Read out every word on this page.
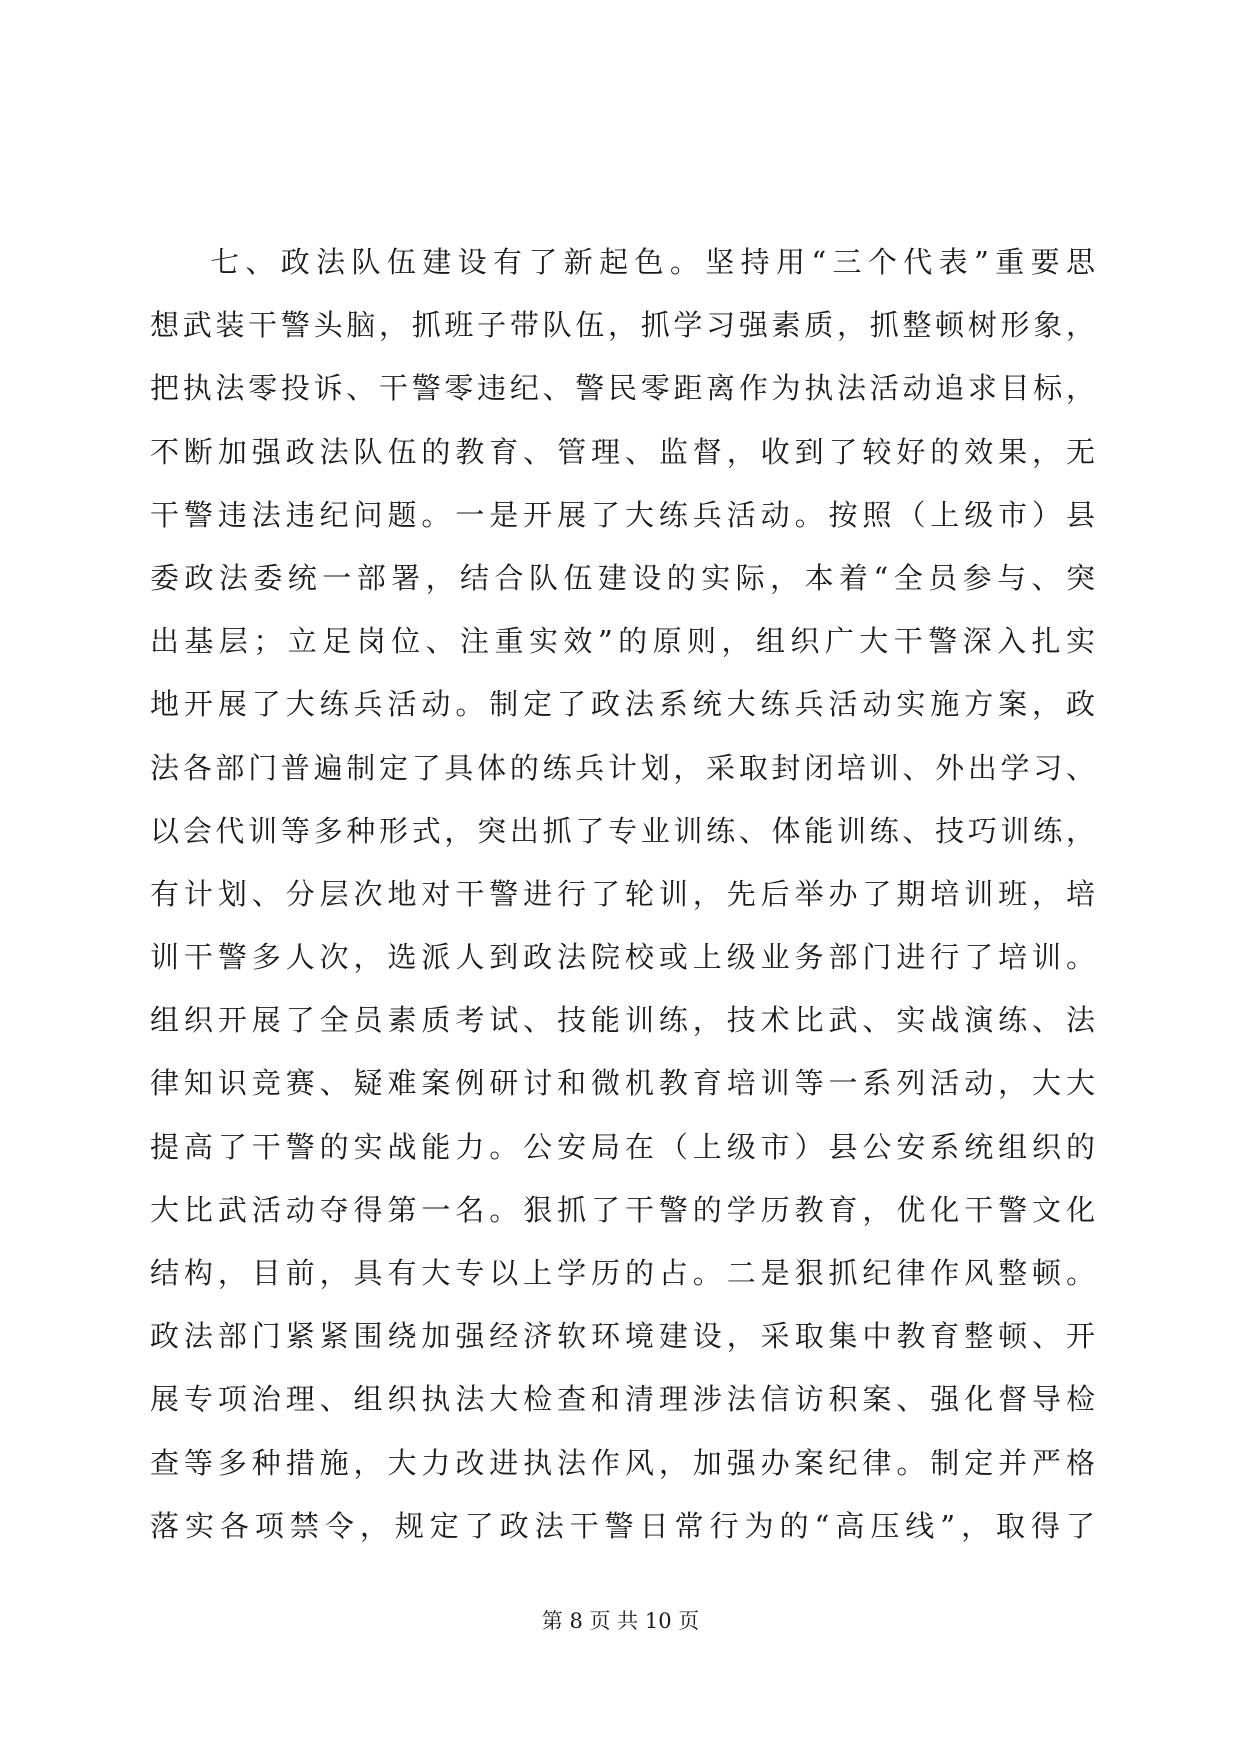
七、政法队伍建设有了新起色。坚持用“三个代表”重要思
想武装干警头脑，抓班子带队伍，抓学习强素质，抓整顿树形象，
把执法零投诉、干警零违纪、警民零距离作为执法活动追求目标，
不断加强政法队伍的教育、管理、监督，收到了较好的效果，无
干警违法违纪问题。一是开展了大练兵活动。按照（上级市）县
委政法委统一部署，结合队伍建设的实际，本着“全员参与、突
出基层；立足岗位、注重实效”的原则，组织广大干警深入扎实
地开展了大练兵活动。制定了政法系统大练兵活动实施方案，政
法各部门普遍制定了具体的练兵计划，采取封闭培训、外出学习、
以会代训等多种形式，突出抓了专业训练、体能训练、技巧训练，
有计划、分层次地对干警进行了轮训，先后举办了期培训班，培
训干警多人次，选派人到政法院校或上级业务部门进行了培训。
组织开展了全员素质考试、技能训练，技术比武、实战演练、法
律知识竞赛、疑难案例研讨和微机教育培训等一系列活动，大大
提高了干警的实战能力。公安局在（上级市）县公安系统组织的
大比武活动夺得第一名。狠抓了干警的学历教育，优化干警文化
结构，目前，具有大专以上学历的占。二是狠抓纪律作风整顿。
政法部门紧紧围绕加强经济软环境建设，采取集中教育整顿、开
展专项治理、组织执法大检查和清理涉法信访积案、强化督导检
查等多种措施，大力改进执法作风，加强办案纪律。制定并严格
落实各项禁令，规定了政法干警日常行为的“高压线”，取得了
第 8 页 共 10 页
